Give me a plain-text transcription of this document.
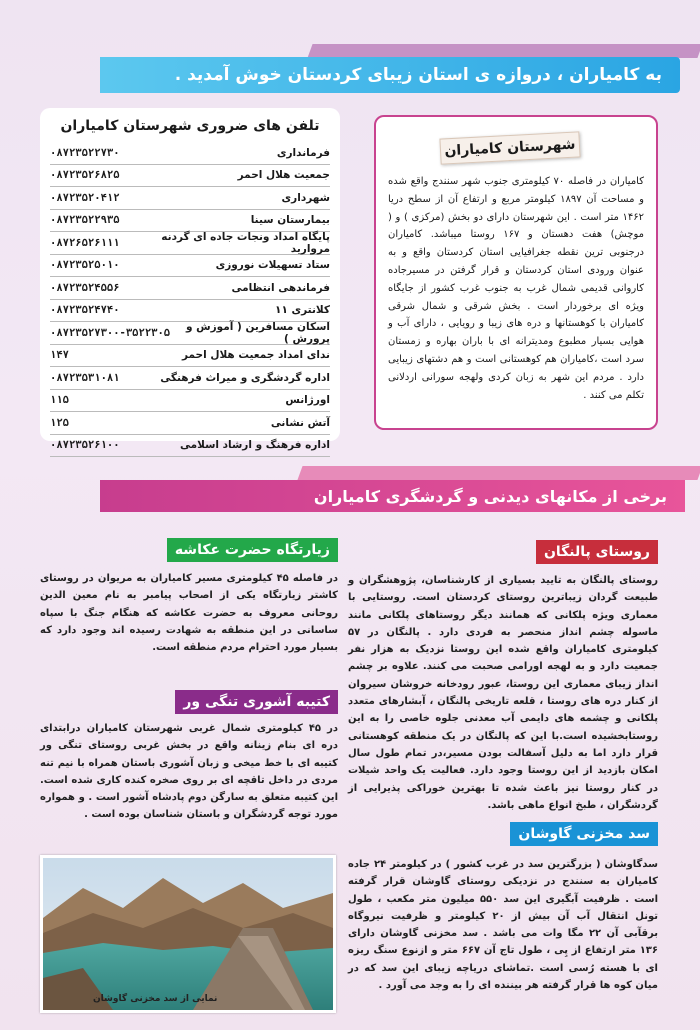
به کامیاران ، دروازه ی استان زیبای کردستان خوش آمدید .
تلفن های ضروری شهرستان کامیاران
فرمانداری
۰۸۷۲۳۵۲۲۷۳۰
جمعیت هلال احمر
۰۸۷۲۳۵۲۶۸۲۵
شهرداری
۰۸۷۲۳۵۲۰۴۱۲
بیمارستان سینا
۰۸۷۲۳۵۲۲۹۳۵
پایگاه امداد ونجات جاده ای گردنه مروارید
۰۸۷۲۶۵۲۶۱۱۱
ستاد تسهیلات نوروزی
۰۸۷۲۳۵۲۵۰۱۰
فرماندهی انتظامی
۰۸۷۲۳۵۲۴۵۵۶
کلانتری ۱۱
۰۸۷۲۳۵۲۴۷۴۰
اسکان مسافرین ( آموزش و پرورش )
۰۸۷۲۳۵۲۷۳۰۰-۳۵۲۲۳۰۵
ندای امداد جمعیت هلال احمر
۱۴۷
اداره گردشگری و میراث فرهنگی
۰۸۷۲۳۵۳۱۰۸۱
اورژانس
۱۱۵
آتش نشانی
۱۲۵
اداره فرهنگ و ارشاد اسلامی
۰۸۷۲۳۵۲۶۱۰۰
کامیاران در فاصله ۷۰ کیلومتری جنوب شهر سنندج واقع شده و مساحت آن ۱۸۹۷ کیلومتر مربع و ارتفاع آن از سطح دریا ۱۴۶۲ متر است . این شهرستان دارای دو بخش (مرکزی ) و ( موچش) هفت دهستان و ۱۶۷ روستا میباشد. کامیاران درجنوبی ترین نقطه جغرافیایی استان کردستان واقع و به عنوان ورودی استان کردستان و قرار گرفتن در مسیرجاده کاروانی قدیمی شمال غرب به جنوب غرب کشور از جایگاه ویژه ای برخوردار است . بخش شرقی و شمال شرقی کامیاران با کوهستانها و دره های زیبا و رویایی ، دارای آب و هوایی بسیار مطبوع ومدیترانه ای با باران بهاره و زمستان سرد است ،کامیاران هم کوهستانی است و هم دشتهای زیبایی دارد . مردم این شهر به زبان کردی ولهجه سورانی اردلانی تکلم می کنند .
شهرستان کامیاران
برخی از مکانهای دیدنی و گردشگری کامیاران
روستای پالنگان
روستای پالنگان به تایید بسیاری از کارشناسان، پژوهشگران و طبیعت گردان زیباترین روستای کردستان است. روستایی با معماری ویژه پلکانی که همانند دیگر روستاهای پلکانی مانند ماسوله چشم انداز منحصر به فردی دارد . پالنگان در ۵۷ کیلومتری کامیاران واقع شده این روستا نزدیک به هزار نفر جمعیت دارد و به لهجه اورامی صحبت می کنند. علاوه بر چشم انداز زیبای معماری این روستا، عبور رودخانه خروشان سیروان از کنار دره های روستا ، قلعه تاریخی پالنگان ، آبشارهای متعدد پلکانی و چشمه های دایمی آب معدنی جلوه خاصی را به این روستابخشیده است.با این که پالنگان در یک منطقه کوهستانی قرار دارد اما به دلیل آسفالت بودن مسیر،در تمام طول سال امکان بازدید از این روستا وجود دارد. فعالیت یک واحد شیلات در کنار روستا نیز باعث شده تا بهترین خوراکی پذیرایی از گردشگران ، طبخ انواع ماهی باشد.
سد مخزنی گاوشان
سدگاوشان ( بزرگترین سد در غرب کشور ) در کیلومتر ۲۴ جاده کامیاران به سنندج در نزدیکی روستای گاوشان قرار گرفته است . ظرفیت آبگیری این سد ۵۵۰ میلیون متر مکعب ، طول تونل انتقال آب آن بیش از ۲۰ کیلومتر و ظرفیت نیروگاه برقآبی آن ۲۲ مگا وات می باشد . سد مخزنی گاوشان دارای ۱۳۶ متر ارتفاع از پِی ، طول تاج آن ۶۶۷ متر و ازنوع سنگ ریزه ای با هسته رُسی است .تماشای دریاچه زیبای این سد که در میان کوه ها قرار گرفته هر بیننده ای را به وجد می آورد .
زیارتگاه حضرت عکاشه
در فاصله ۴۵ کیلومتری مسیر کامیاران به مریوان در روستای کاشتر زیارتگاه یکی از اصحاب پیامبر به نام معین الدین روحانی معروف به حضرت عکاشه که هنگام جنگ با سپاه ساسانی در این منطقه به شهادت رسیده اند وجود دارد که بسیار مورد احترام مردم منطقه است.
کتیبه آشوری تنگی ور
در ۴۵ کیلومتری شمال غربی شهرستان کامیاران درابتدای دره ای بنام زینانه واقع در بخش غربی روستای تنگی ور کتیبه ای با خط میخی و زبان آشوری باستان همراه با نیم تنه مردی در داخل تاقچه ای بر روی صخره کنده کاری شده است. این کتیبه متعلق به سارگن دوم پادشاه آشور است . و همواره مورد توجه گردشگران و باستان شناسان بوده است .
نمایی از سد مخزنی گاوشان
